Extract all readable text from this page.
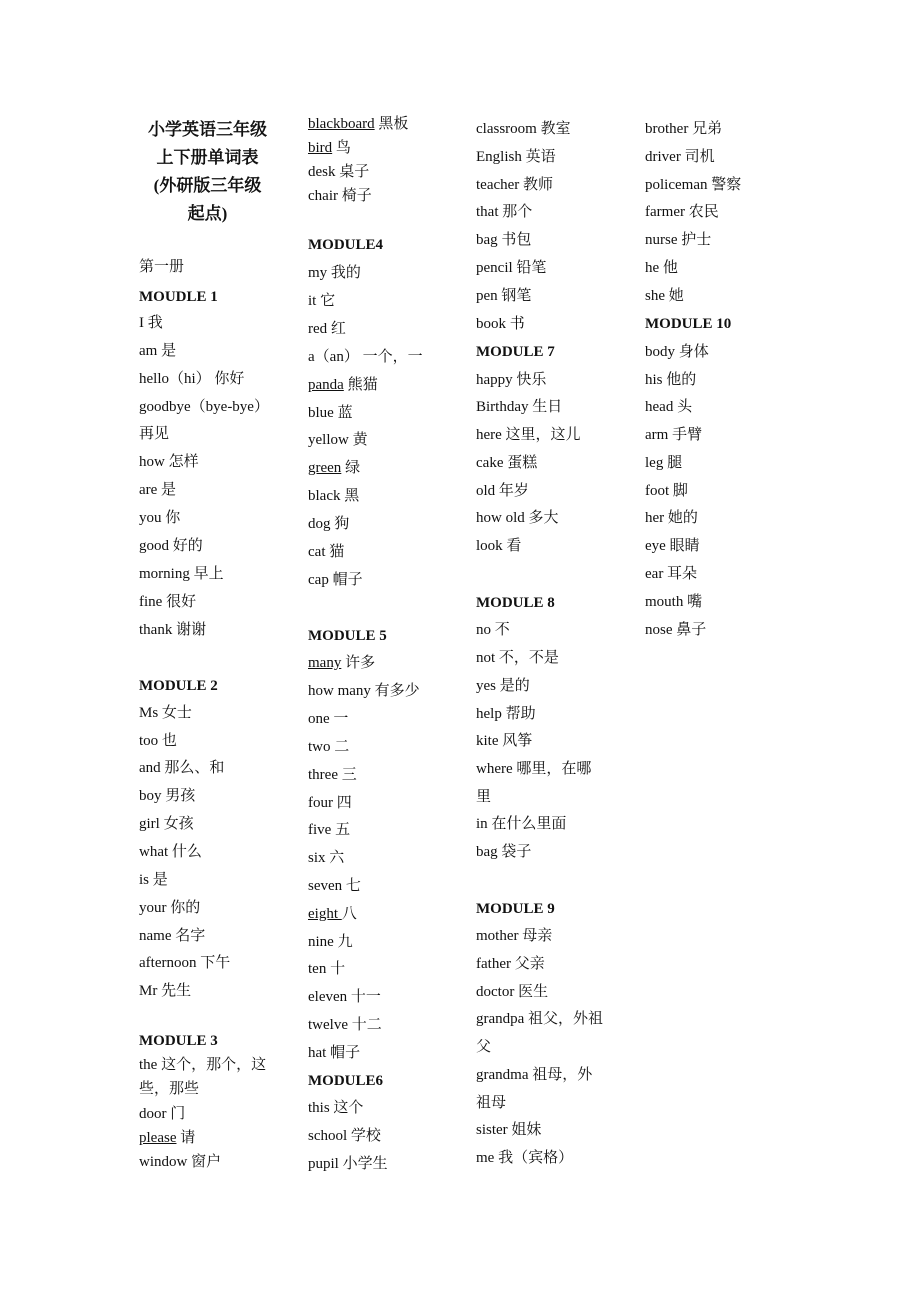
小学英语三年级
上下册单词表
(外研版三年级
起点)
第一册
MOUDLE 1
I 我
am 是
hello（hi） 你好
goodbye（bye-bye）
再见
how 怎样
are 是
you 你
good 好的
morning 早上
fine 很好
thank 谢谢
MODULE 2
Ms 女士
too 也
and 那么、和
boy 男孩
girl 女孩
what 什么
is 是
your 你的
name 名字
afternoon 下午
Mr 先生
MODULE 3
the 这个，那个，这
些，那些
door 门
please 请
window 窗户
blackboard 黑板
bird 鸟
desk 桌子
chair 椅子
MODULE4
my 我的
it 它
red 红
a（an） 一个，一
panda 熊猫
blue 蓝
yellow 黄
green 绿
black 黑
dog 狗
cat 猫
cap 帽子
MODULE 5
many 许多
how many 有多少
one 一
two 二
three 三
four 四
five 五
six 六
seven 七
eight 八
nine 九
ten 十
eleven 十一
twelve 十二
hat 帽子
MODULE6
this 这个
school 学校
pupil 小学生
classroom 教室
English 英语
teacher 教师
that 那个
bag 书包
pencil 铅笔
pen 钢笔
book 书
MODULE 7
happy 快乐
Birthday 生日
here 这里，这儿
cake 蛋糕
old 年岁
how old 多大
look 看
MODULE 8
no 不
not 不，不是
yes 是的
help 帮助
kite 风筝
where 哪里，在哪
里
in 在什么里面
bag 袋子
MODULE 9
mother 母亲
father 父亲
doctor 医生
grandpa 祖父，外祖
父
grandma 祖母，外
祖母
sister 姐妹
me 我（宾格）
brother 兄弟
driver 司机
policeman 警察
farmer 农民
nurse 护士
he 他
she 她
MODULE 10
body 身体
his 他的
head 头
arm 手臂
leg 腿
foot 脚
her 她的
eye 眼睛
ear 耳朵
mouth 嘴
nose 鼻子
